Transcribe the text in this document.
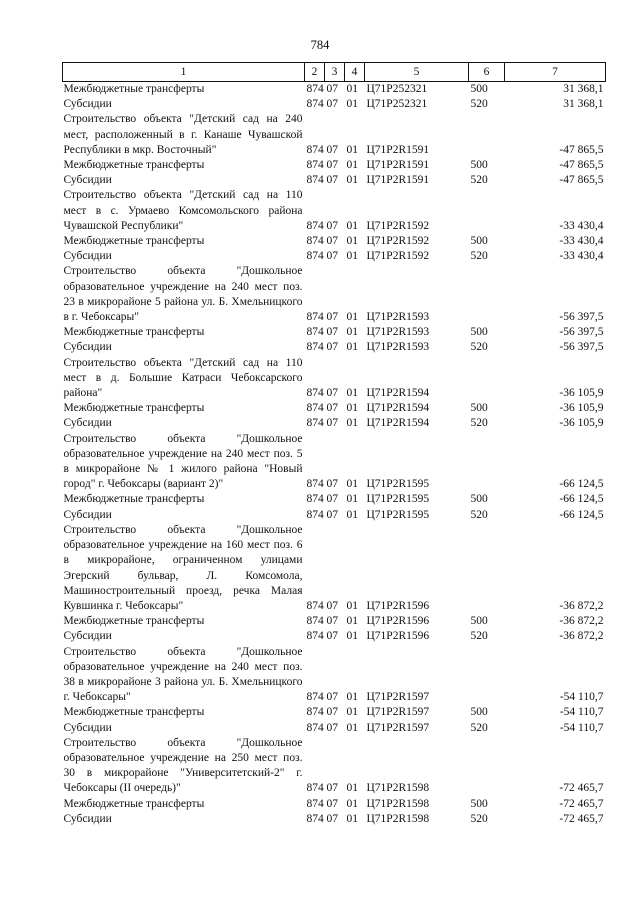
784
1	2	3	4	5	6	7
Межбюджетные трансферты	874	07	01	Ц71P252321	500	31 368,1
Субсидии	874	07	01	Ц71P252321	520	31 368,1
Строительство объекта "Детский сад на 240 мест, расположенный в г. Канаше Чувашской Республики в мкр. Восточный"	874	07	01	Ц71P2R1591		-47 865,5
Межбюджетные трансферты	874	07	01	Ц71P2R1591	500	-47 865,5
Субсидии	874	07	01	Ц71P2R1591	520	-47 865,5
Строительство объекта "Детский сад на 110 мест в с. Урмаево Комсомольского района Чувашской Республики"	874	07	01	Ц71P2R1592		-33 430,4
Межбюджетные трансферты	874	07	01	Ц71P2R1592	500	-33 430,4
Субсидии	874	07	01	Ц71P2R1592	520	-33 430,4
Строительство объекта "Дошкольное образовательное учреждение на 240 мест поз. 23 в микрорайоне 5 района ул. Б. Хмельницкого в г. Чебоксары"	874	07	01	Ц71P2R1593		-56 397,5
Межбюджетные трансферты	874	07	01	Ц71P2R1593	500	-56 397,5
Субсидии	874	07	01	Ц71P2R1593	520	-56 397,5
Строительство объекта "Детский сад на 110 мест в д. Большие Катраси Чебоксарского района"	874	07	01	Ц71P2R1594		-36 105,9
Межбюджетные трансферты	874	07	01	Ц71P2R1594	500	-36 105,9
Субсидии	874	07	01	Ц71P2R1594	520	-36 105,9
Строительство объекта "Дошкольное образовательное учреждение на 240 мест поз. 5 в микрорайоне № 1 жилого района "Новый город" г. Чебоксары (вариант 2)"	874	07	01	Ц71P2R1595		-66 124,5
Межбюджетные трансферты	874	07	01	Ц71P2R1595	500	-66 124,5
Субсидии	874	07	01	Ц71P2R1595	520	-66 124,5
Строительство объекта "Дошкольное образовательное учреждение на 160 мест поз. 6 в микрорайоне, ограниченном улицами Эгерский бульвар, Л. Комсомола, Машиностроительный проезд, речка Малая Кувшинка г. Чебоксары"	874	07	01	Ц71P2R1596		-36 872,2
Межбюджетные трансферты	874	07	01	Ц71P2R1596	500	-36 872,2
Субсидии	874	07	01	Ц71P2R1596	520	-36 872,2
Строительство объекта "Дошкольное образовательное учреждение на 240 мест поз. 38 в микрорайоне 3 района ул. Б. Хмельницкого г. Чебоксары"	874	07	01	Ц71P2R1597		-54 110,7
Межбюджетные трансферты	874	07	01	Ц71P2R1597	500	-54 110,7
Субсидии	874	07	01	Ц71P2R1597	520	-54 110,7
Строительство объекта "Дошкольное образовательное учреждение на 250 мест поз. 30 в микрорайоне "Университетский-2" г. Чебоксары (II очередь)"	874	07	01	Ц71P2R1598		-72 465,7
Межбюджетные трансферты	874	07	01	Ц71P2R1598	500	-72 465,7
Субсидии	874	07	01	Ц71P2R1598	520	-72 465,7
